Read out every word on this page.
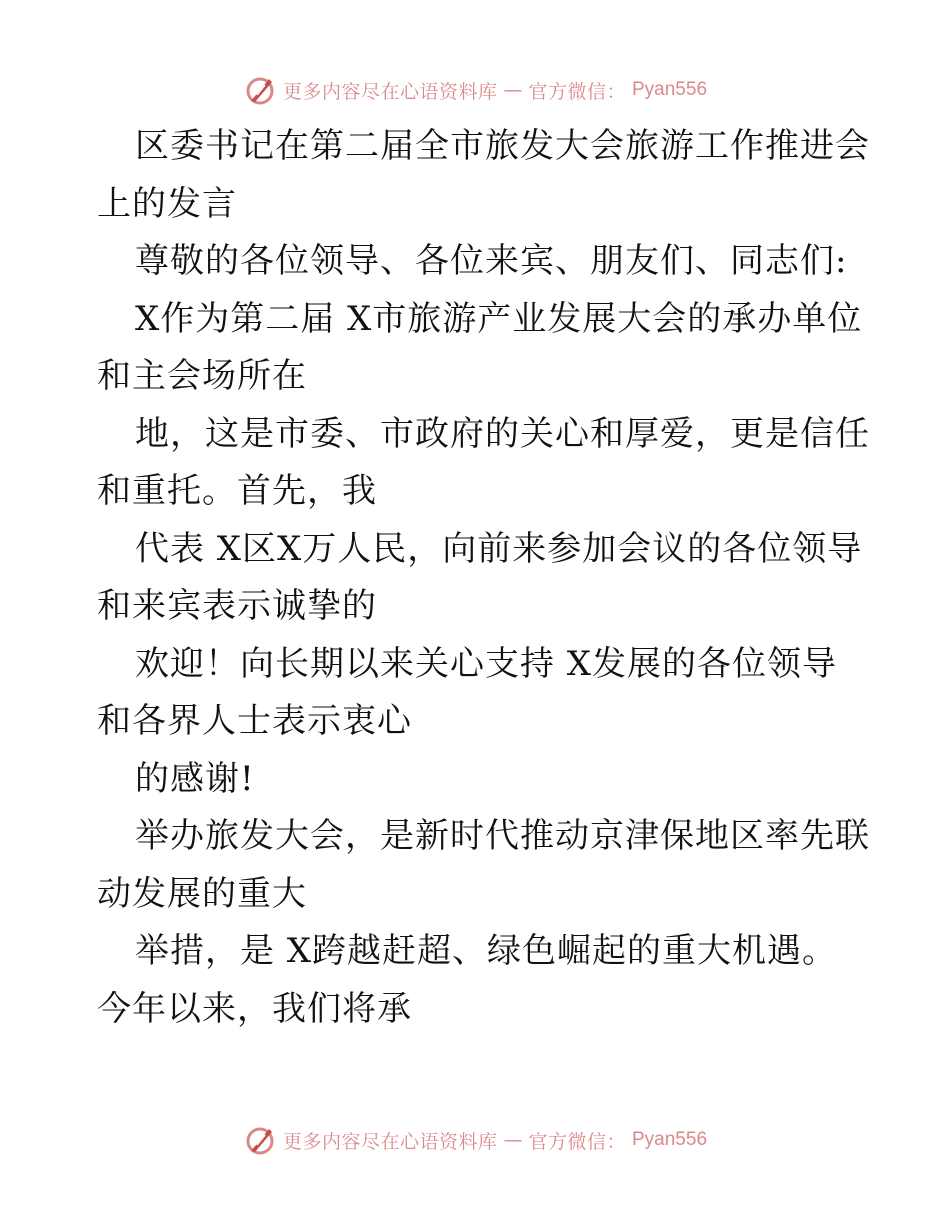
更多内容尽在心语资料库 — 官方微信： Pyan556
区委书记在第二届全市旅发大会旅游工作推进会
上的发言
尊敬的各位领导、各位来宾、朋友们、同志们:
X作为第二届 X市旅游产业发展大会的承办单位
和主会场所在
地，这是市委、市政府的关心和厚爱，更是信任
和重托。首先，我
代表 X区X万人民，向前来参加会议的各位领导
和来宾表示诚挚的
欢迎！向长期以来关心支持 X发展的各位领导
和各界人士表示衷心
的感谢!
举办旅发大会，是新时代推动京津保地区率先联
动发展的重大
举措，是 X跨越赶超、绿色崛起的重大机遇。
今年以来，我们将承
更多内容尽在心语资料库 — 官方微信： Pyan556
